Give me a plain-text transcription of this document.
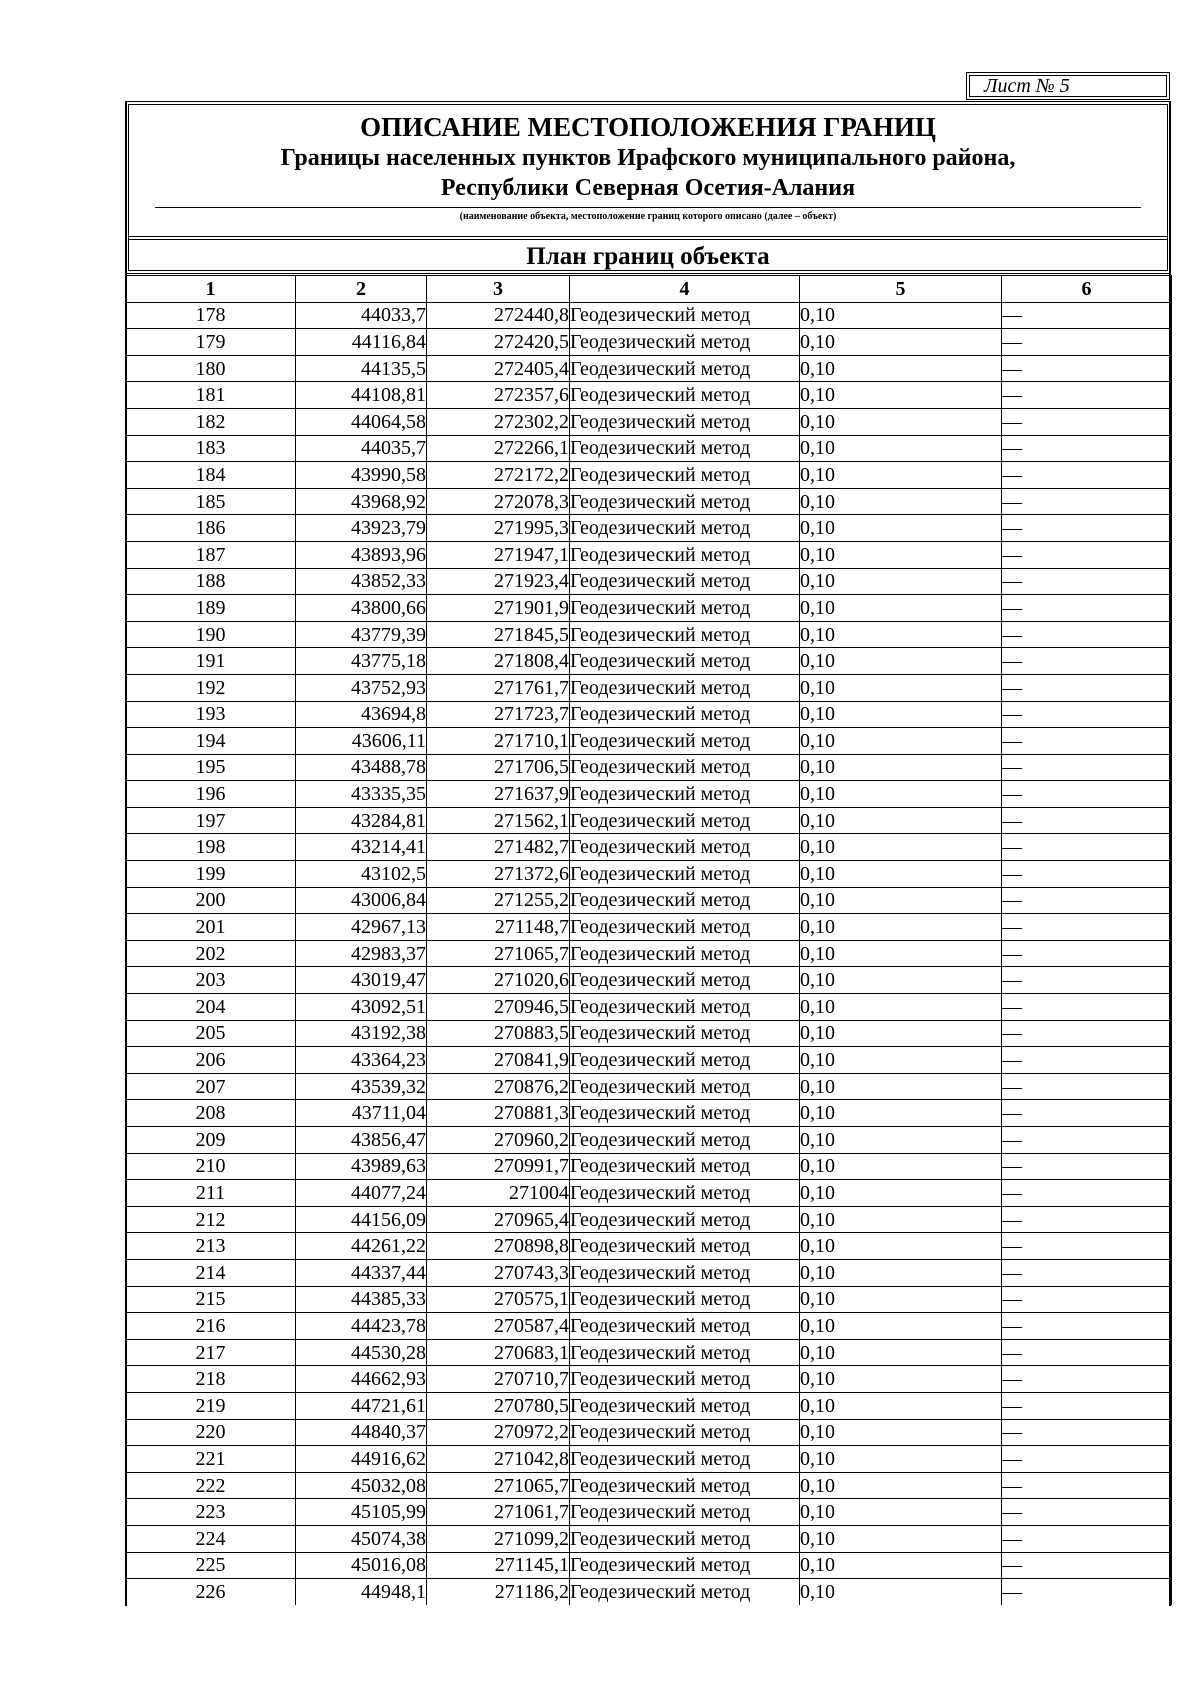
Лист № 5
ОПИСАНИЕ МЕСТОПОЛОЖЕНИЯ ГРАНИЦ
Границы населенных пунктов Ирафского муниципального района,
Республики Северная Осетия-Алания
(наименование объекта, местоположение границ которого описано (далее – объект)
План границ объекта
1	2	3	4	5	6
178	44033,7	272440,8	Геодезический метод	0,10	—
179	44116,84	272420,5	Геодезический метод	0,10	—
180	44135,5	272405,4	Геодезический метод	0,10	—
181	44108,81	272357,6	Геодезический метод	0,10	—
182	44064,58	272302,2	Геодезический метод	0,10	—
183	44035,7	272266,1	Геодезический метод	0,10	—
184	43990,58	272172,2	Геодезический метод	0,10	—
185	43968,92	272078,3	Геодезический метод	0,10	—
186	43923,79	271995,3	Геодезический метод	0,10	—
187	43893,96	271947,1	Геодезический метод	0,10	—
188	43852,33	271923,4	Геодезический метод	0,10	—
189	43800,66	271901,9	Геодезический метод	0,10	—
190	43779,39	271845,5	Геодезический метод	0,10	—
191	43775,18	271808,4	Геодезический метод	0,10	—
192	43752,93	271761,7	Геодезический метод	0,10	—
193	43694,8	271723,7	Геодезический метод	0,10	—
194	43606,11	271710,1	Геодезический метод	0,10	—
195	43488,78	271706,5	Геодезический метод	0,10	—
196	43335,35	271637,9	Геодезический метод	0,10	—
197	43284,81	271562,1	Геодезический метод	0,10	—
198	43214,41	271482,7	Геодезический метод	0,10	—
199	43102,5	271372,6	Геодезический метод	0,10	—
200	43006,84	271255,2	Геодезический метод	0,10	—
201	42967,13	271148,7	Геодезический метод	0,10	—
202	42983,37	271065,7	Геодезический метод	0,10	—
203	43019,47	271020,6	Геодезический метод	0,10	—
204	43092,51	270946,5	Геодезический метод	0,10	—
205	43192,38	270883,5	Геодезический метод	0,10	—
206	43364,23	270841,9	Геодезический метод	0,10	—
207	43539,32	270876,2	Геодезический метод	0,10	—
208	43711,04	270881,3	Геодезический метод	0,10	—
209	43856,47	270960,2	Геодезический метод	0,10	—
210	43989,63	270991,7	Геодезический метод	0,10	—
211	44077,24	271004	Геодезический метод	0,10	—
212	44156,09	270965,4	Геодезический метод	0,10	—
213	44261,22	270898,8	Геодезический метод	0,10	—
214	44337,44	270743,3	Геодезический метод	0,10	—
215	44385,33	270575,1	Геодезический метод	0,10	—
216	44423,78	270587,4	Геодезический метод	0,10	—
217	44530,28	270683,1	Геодезический метод	0,10	—
218	44662,93	270710,7	Геодезический метод	0,10	—
219	44721,61	270780,5	Геодезический метод	0,10	—
220	44840,37	270972,2	Геодезический метод	0,10	—
221	44916,62	271042,8	Геодезический метод	0,10	—
222	45032,08	271065,7	Геодезический метод	0,10	—
223	45105,99	271061,7	Геодезический метод	0,10	—
224	45074,38	271099,2	Геодезический метод	0,10	—
225	45016,08	271145,1	Геодезический метод	0,10	—
226	44948,1	271186,2	Геодезический метод	0,10	—
